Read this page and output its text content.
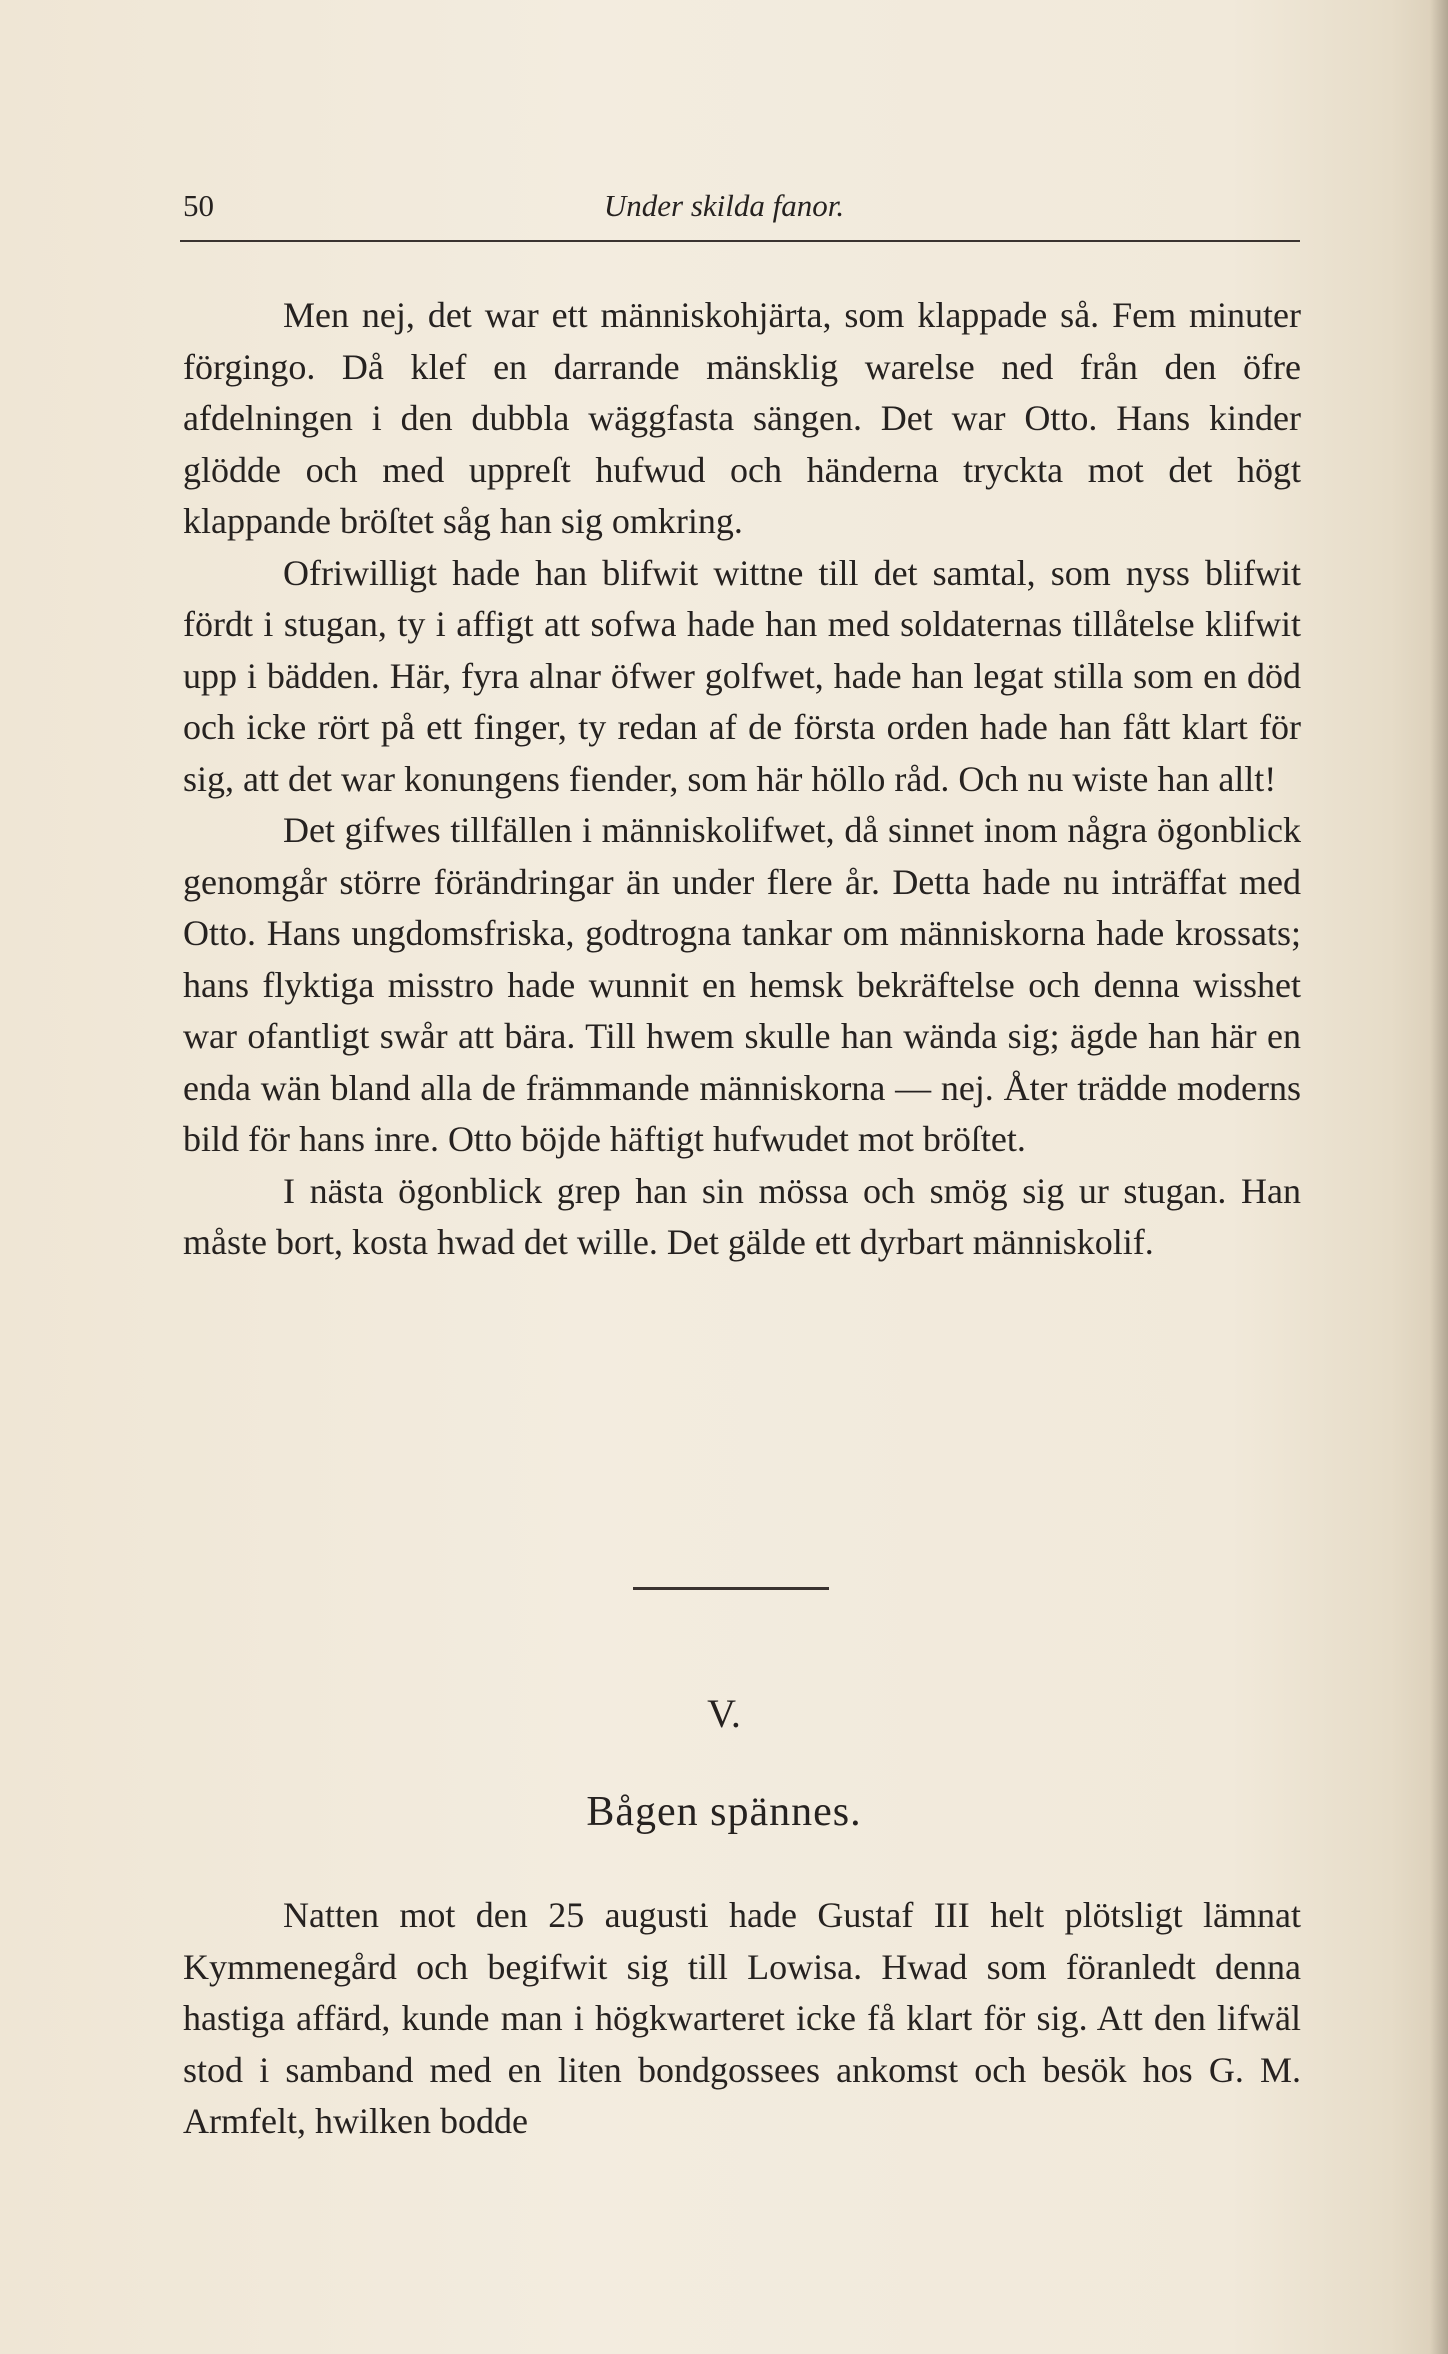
50	Under skilda fanor.

Men nej, det war ett människohjärta, som klappade så. Fem minuter förgingo. Då klef en darrande mänsklig warelse ned från den öfre afdelningen i den dubbla wäggfasta sängen. Det war Otto. Hans kinder glödde och med uppreſt hufwud och händerna tryckta mot det högt klappande bröſtet såg han sig omkring.

Ofriwilligt hade han blifwit wittne till det samtal, som nyss blifwit fördt i stugan, ty i affigt att sofwa hade han med soldaternas tillåtelse klifwit upp i bädden. Här, fyra alnar öfwer golfwet, hade han legat stilla som en död och icke rört på ett finger, ty redan af de första orden hade han fått klart för sig, att det war konungens fiender, som här höllo råd. Och nu wiste han allt!

Det gifwes tillfällen i människolifwet, då sinnet inom några ögonblick genomgår större förändringar än under flere år. Detta hade nu inträffat med Otto. Hans ungdomsfriska, godtrogna tankar om människorna hade krossats; hans flyktiga misstro hade wunnit en hemsk bekräftelse och denna wisshet war ofantligt swår att bära. Till hwem skulle han wända sig; ägde han här en enda wän bland alla de främmande människorna — nej. Åter trädde moderns bild för hans inre. Otto böjde häftigt hufwudet mot bröſtet.

I nästa ögonblick grep han sin mössa och smög sig ur stugan. Han måste bort, kosta hwad det wille. Det gälde ett dyrbart människolif.

V.
Bågen spännes.

Natten mot den 25 augusti hade Gustaf III helt plötsligt lämnat Kymmenegård och begifwit sig till Lowisa. Hwad som föranledt denna hastiga affärd, kunde man i högkwarteret icke få klart för sig. Att den lifwäl stod i samband med en liten bondgossees ankomst och besök hos G. M. Armfelt, hwilken bodde
